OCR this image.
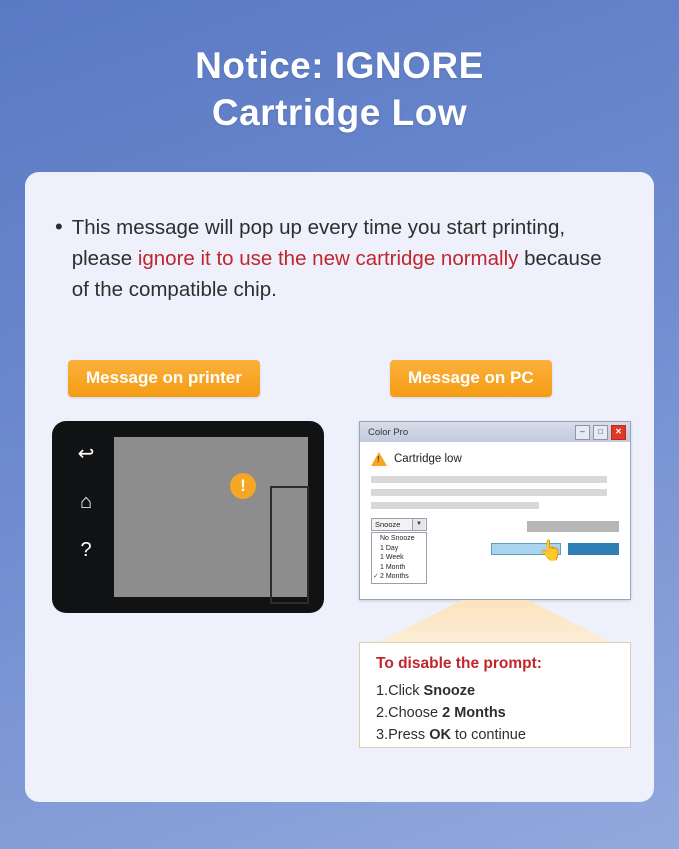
Notice: IGNORE
Cartridge Low
• This message will pop up every time you start printing, please ignore it to use the new cartridge normally because of the compatible chip.
Message on printer	Message on PC
↩
⌂
?
!
Color Pro	–	□	✕
!
Cartridge low
Snooze	▼
No Snooze
1 Day
1 Week
1 Month
✓ 2 Months
👆
To disable the prompt:
1.Click Snooze
2.Choose 2 Months
3.Press OK to continue
